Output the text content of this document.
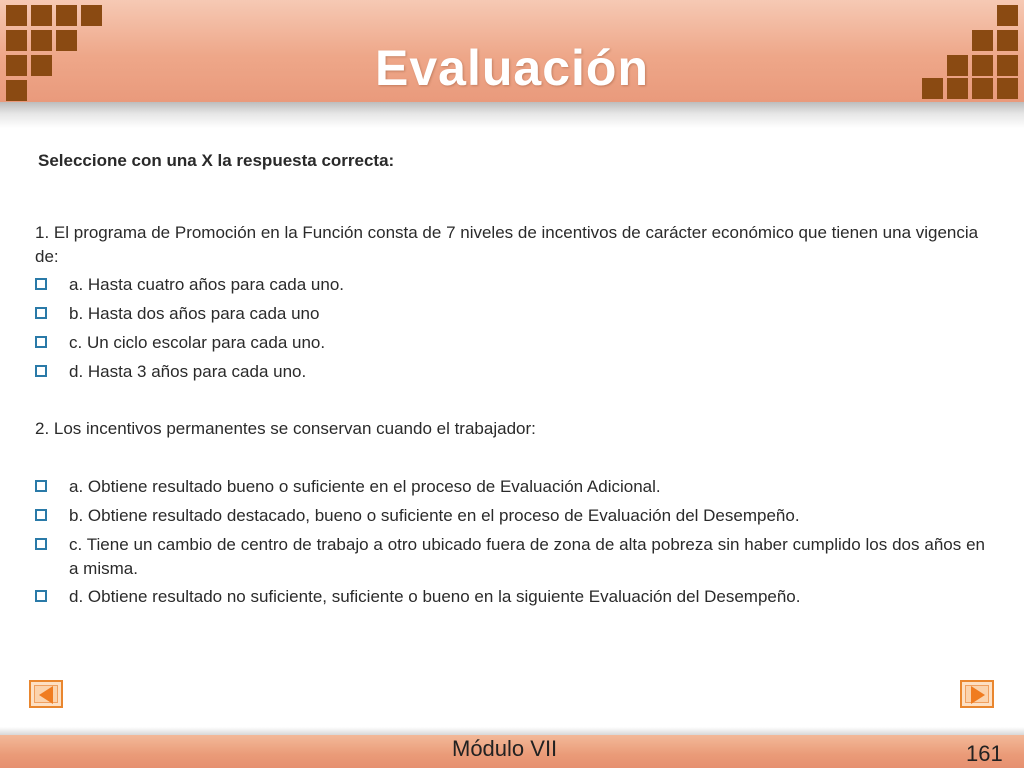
Evaluación
Seleccione con una X la respuesta correcta:
1. El programa de Promoción en la Función consta de 7 niveles de incentivos de carácter económico que tienen una vigencia de:
a. Hasta cuatro años para cada uno.
b. Hasta dos años para cada uno
c. Un ciclo escolar para cada uno.
d. Hasta 3 años para cada uno.
2. Los incentivos permanentes se conservan cuando el trabajador:
a. Obtiene resultado bueno o suficiente en el proceso de Evaluación Adicional.
b. Obtiene resultado destacado, bueno o suficiente en el proceso de Evaluación del Desempeño.
c. Tiene un cambio de centro de trabajo a otro ubicado fuera de zona de alta pobreza sin haber cumplido los dos años en a misma.
d. Obtiene resultado no suficiente, suficiente o bueno en la siguiente Evaluación del Desempeño.
Módulo VII	161
